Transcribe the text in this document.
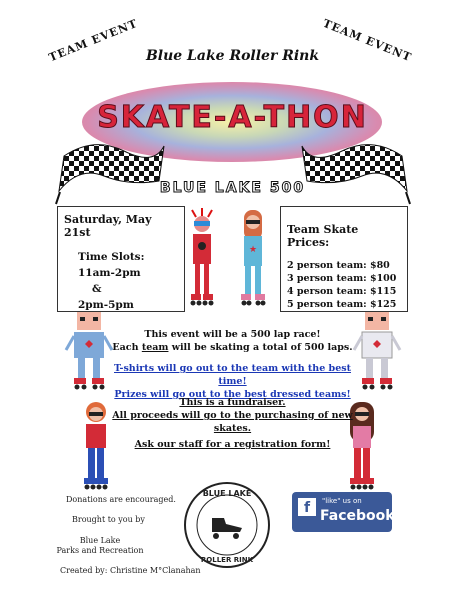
TEAM EVENT	TEAM EVENT
Blue Lake Roller Rink
SKATE-A-THON
BLUE LAKE 500
Saturday, May 21st
Time Slots:
11am-2pm
&
2pm-5pm
Team Skate Prices:
2 person team: $80
3 person team: $100
4 person team: $115
5 person team: $125
★
This event will be a 500 lap race!
Each team will be skating a total of 500 laps.
T-shirts will go out to the team with the best time!
Prizes will go out to the best dressed teams!
This is a fundraiser.
All proceeds will go to the purchasing of new skates.
Ask our staff for a registration form!
Donations are encouraged.
Brought to you by
Blue Lake
Parks and Recreation
Created by: Christine M°Clanahan
BLUE LAKE
ROLLER RINK
f	"like" us on
Facebook
